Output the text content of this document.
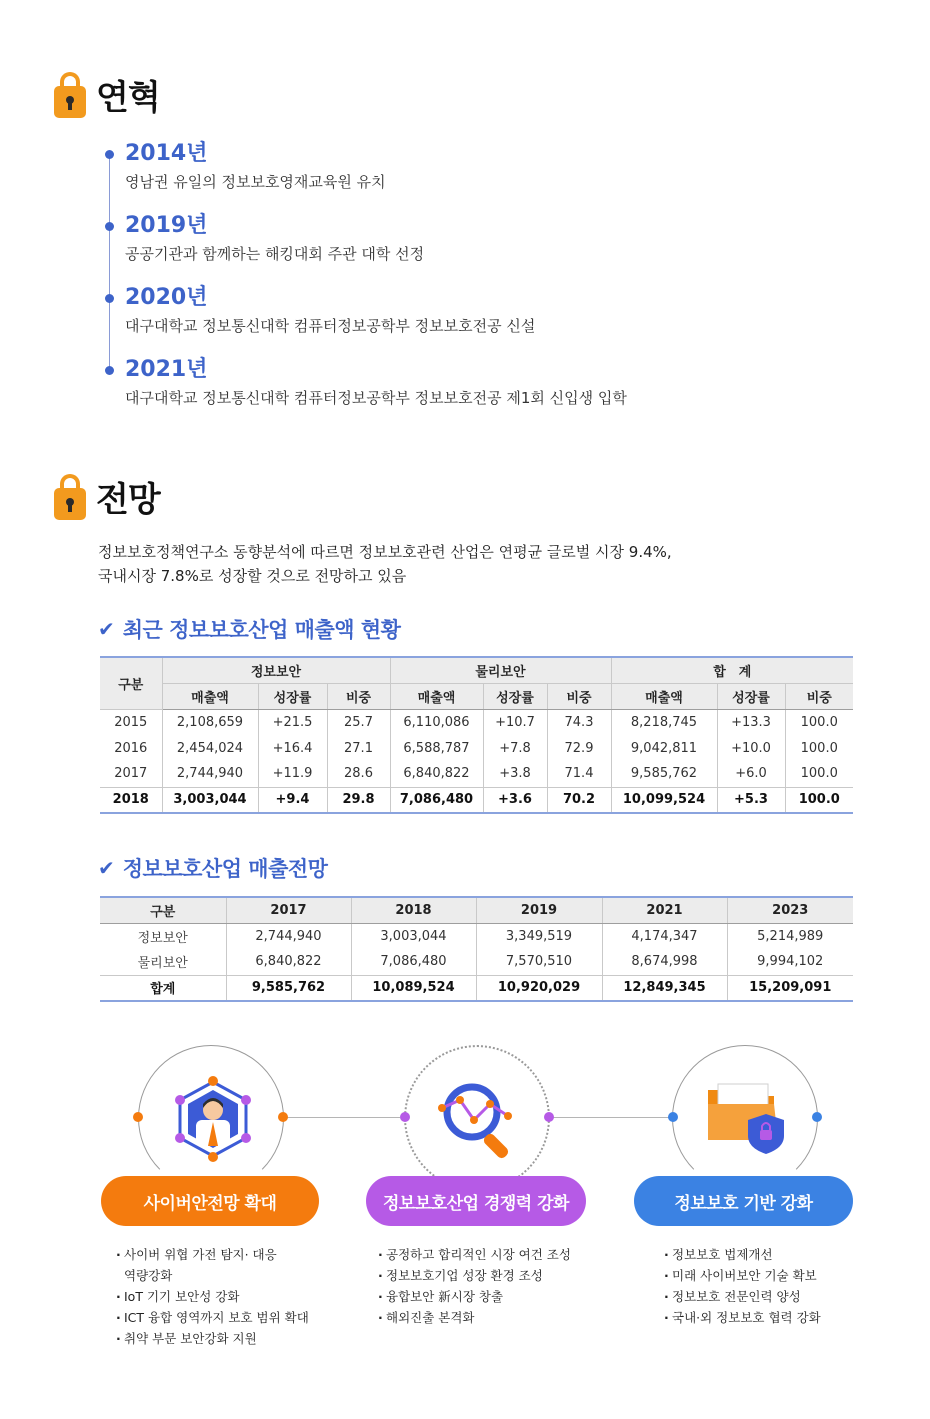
연혁
2014년
영남권 유일의 정보보호영재교육원 유치
2019년
공공기관과 함께하는 해킹대회 주관 대학 선정
2020년
대구대학교 정보통신대학 컴퓨터정보공학부 정보보호전공 신설
2021년
대구대학교 정보통신대학 컴퓨터정보공학부 정보보호전공 제1회 신입생 입학
전망
정보보호정책연구소 동향분석에 따르면 정보보호관련 산업은 연평균 글로벌 시장 9.4%,
국내시장 7.8%로 성장할 것으로 전망하고 있음
✔ 최근 정보보호산업 매출액 현황
구분	정보보안			물리보안			합　계		
	매출액	성장률	비중	매출액	성장률	비중	매출액	성장률	비중
2015	2,108,659	+21.5	25.7	6,110,086	+10.7	74.3	8,218,745	+13.3	100.0
2016	2,454,024	+16.4	27.1	6,588,787	+7.8	72.9	9,042,811	+10.0	100.0
2017	2,744,940	+11.9	28.6	6,840,822	+3.8	71.4	9,585,762	+6.0	100.0
2018	3,003,044	+9.4	29.8	7,086,480	+3.6	70.2	10,099,524	+5.3	100.0
✔ 정보보호산업 매출전망
구분	2017	2018	2019	2021	2023
정보보안	2,744,940	3,003,044	3,349,519	4,174,347	5,214,989
물리보안	6,840,822	7,086,480	7,570,510	8,674,998	9,994,102
합계	9,585,762	10,089,524	10,920,029	12,849,345	15,209,091
사이버안전망 확대	정보보호산업 경쟁력 강화	정보보호 기반 강화
· 사이버 위협 가전 탐지· 대응
역량강화
· IoT 기기 보안성 강화
· ICT 융합 영역까지 보호 범위 확대
· 취약 부문 보안강화 지원
· 공정하고 합리적인 시장 여건 조성
· 정보보호기업 성장 환경 조성
· 융합보안 新시장 창출
· 해외진출 본격화
· 정보보호 법제개선
· 미래 사이버보안 기술 확보
· 정보보호 전문인력 양성
· 국내·외 정보보호 협력 강화
